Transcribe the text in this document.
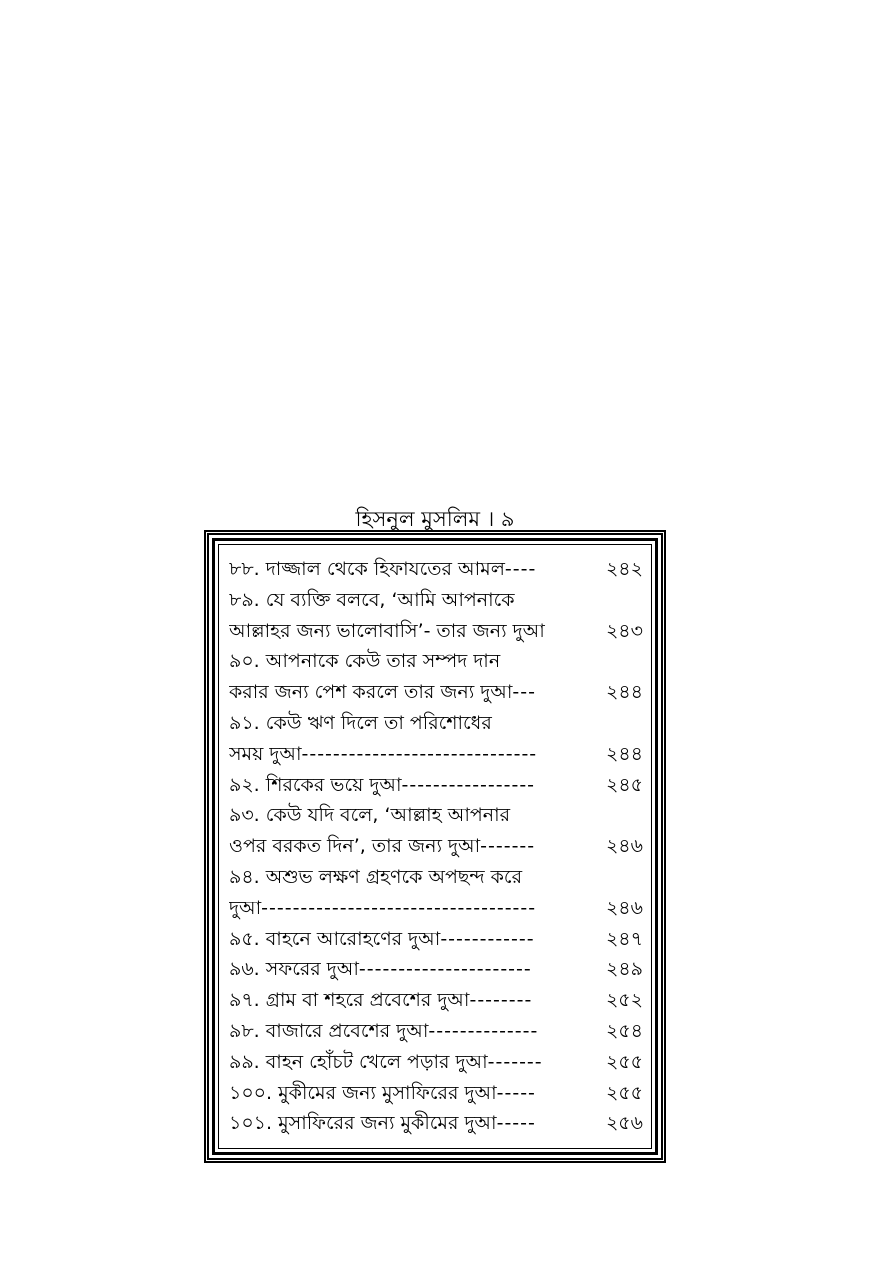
হিসনুল মুসলিম । ৯
৮৮. দাজ্জাল থেকে হিফাযতের আমল ----	২৪২
৮৯. যে ব্যক্তি বলবে, ‘আমি আপনাকে
আল্লাহর জন্য ভালোবাসি’- তার জন্য দুআ	২৪৩
৯০. আপনাকে কেউ তার সম্পদ দান
করার জন্য পেশ করলে তার জন্য দুআ ---	২৪৪
৯১. কেউ ঋণ দিলে তা পরিশোধের
সময় দুআ ------------------------------	২৪৪
৯২. শিরকের ভয়ে দুআ -----------------	২৪৫
৯৩. কেউ যদি বলে, ‘আল্লাহ আপনার
ওপর বরকত দিন’, তার জন্য দুআ -------	২৪৬
৯৪. অশুভ লক্ষণ গ্রহণকে অপছন্দ করে
দুআ -----------------------------------	২৪৬
৯৫. বাহনে আরোহণের দুআ ------------	২৪৭
৯৬. সফরের দুআ ----------------------	২৪৯
৯৭. গ্রাম বা শহরে প্রবেশের দুআ --------	২৫২
৯৮. বাজারে প্রবেশের দুআ --------------	২৫৪
৯৯. বাহন হোঁচট খেলে পড়ার দুআ -------	২৫৫
১০০. মুকীমের জন্য মুসাফিরের দুআ -----	২৫৫
১০১. মুসাফিরের জন্য মুকীমের দুআ -----	২৫৬
